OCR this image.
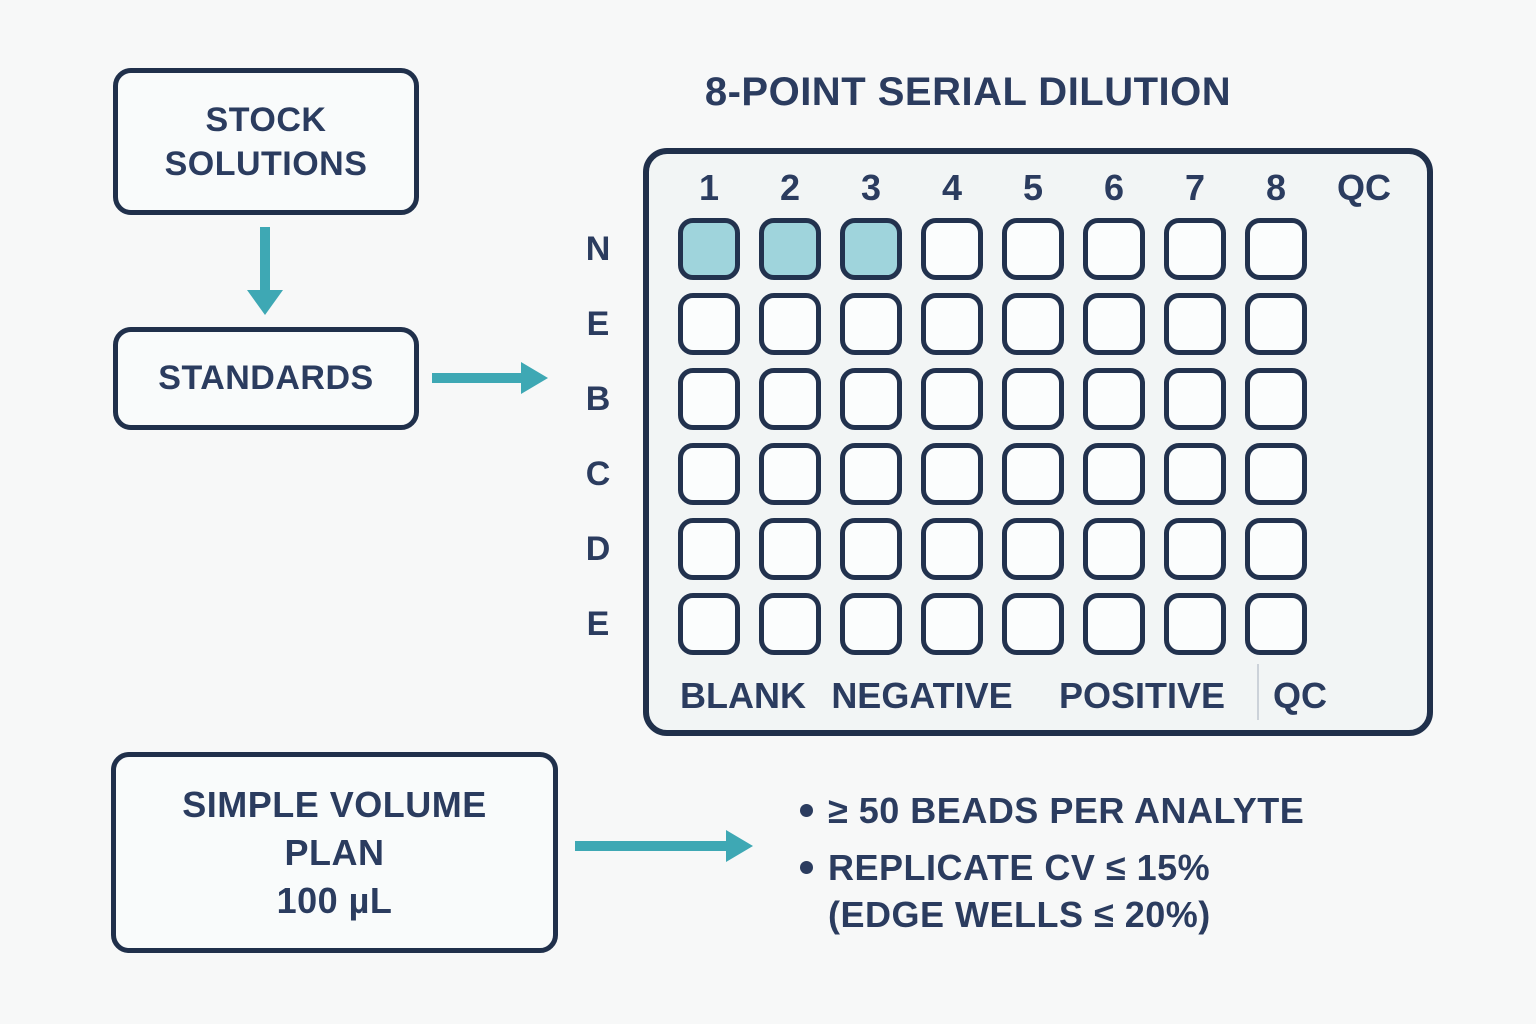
STOCK
SOLUTIONS
STANDARDS
8-POINT SERIAL DILUTION
1	2	3	4	5	6	7	8	QC
N
E
B
C
D
E
BLANK NEGATIVE	POSITIVE	QC
SIMPLE VOLUME
PLAN
100 µL
≥ 50 BEADS PER ANALYTE
REPLICATE CV ≤ 15%
(EDGE WELLS ≤ 20%)
